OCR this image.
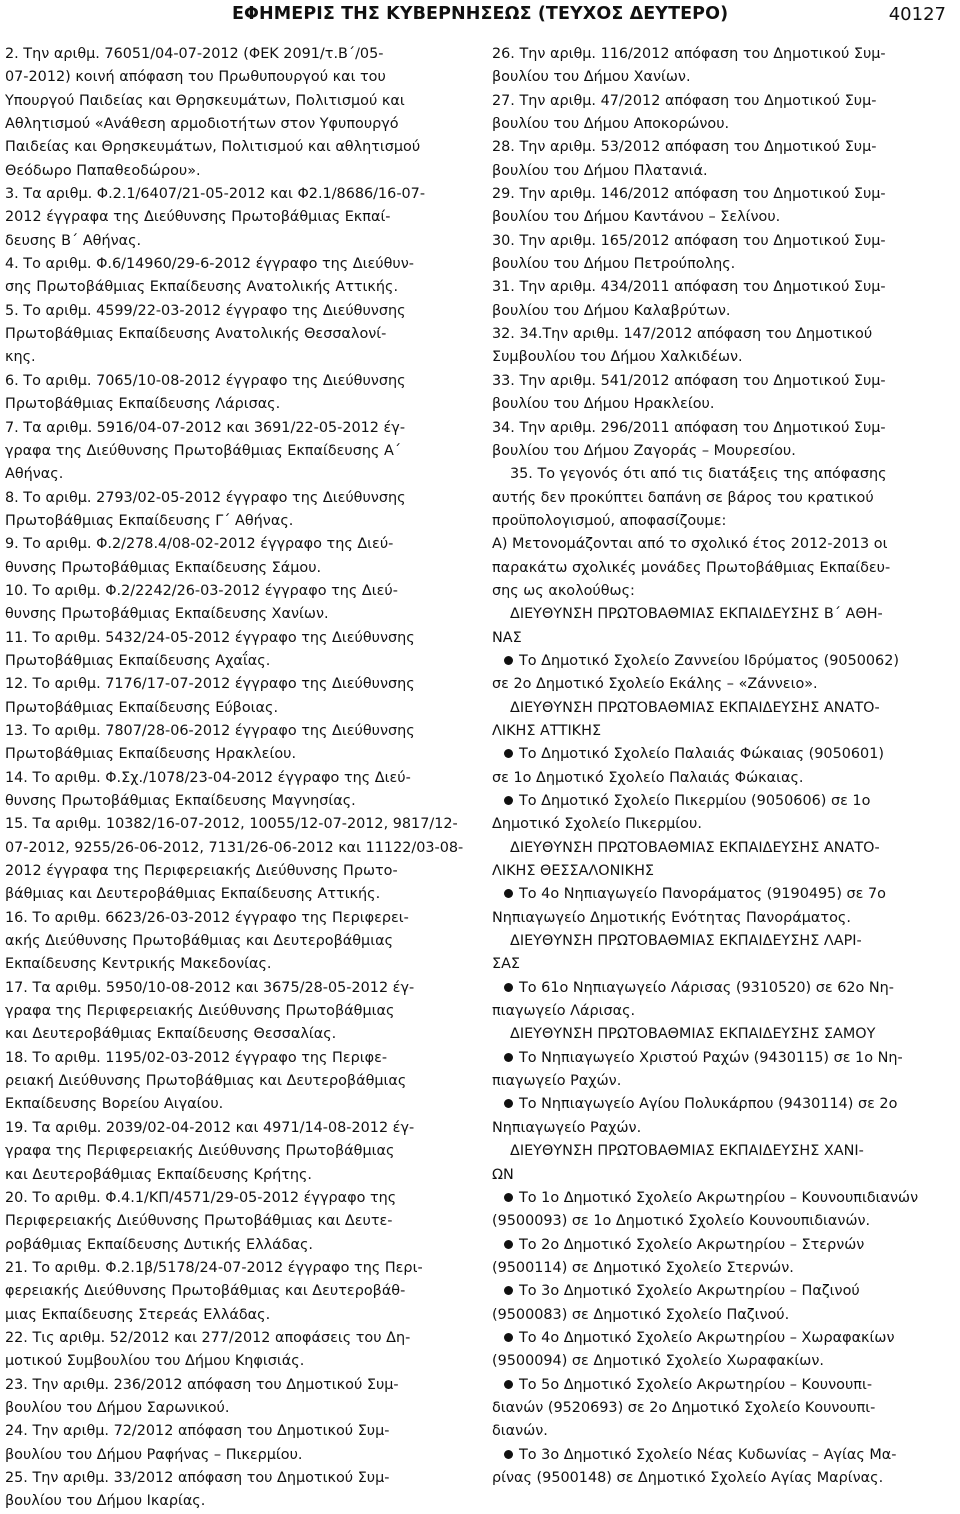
ΕΦΗΜΕΡΙΣ ΤΗΣ ΚΥΒΕΡΝΗΣΕΩΣ (ΤΕΥΧΟΣ ΔΕΥΤΕΡΟ)	40127
2. Την αριθμ. 76051/04-07-2012 (ΦΕΚ 2091/τ.Β΄/05-
07-2012) κοινή απόφαση του Πρωθυπουργού και του
Υπουργού Παιδείας και Θρησκευμάτων, Πολιτισμού και
Αθλητισμού «Ανάθεση αρμοδιοτήτων στον Υφυπουργό
Παιδείας και Θρησκευμάτων, Πολιτισμού και αθλητισμού
Θεόδωρο Παπαθεοδώρου».
3. Τα αριθμ. Φ.2.1/6407/21-05-2012 και Φ2.1/8686/16-07-
2012 έγγραφα της Διεύθυνσης Πρωτοβάθμιας Εκπαί-
δευσης Β΄ Αθήνας.
4. Το αριθμ. Φ.6/14960/29-6-2012 έγγραφο της Διεύθυν-
σης Πρωτοβάθμιας Εκπαίδευσης Ανατολικής Αττικής.
5. Το αριθμ. 4599/22-03-2012 έγγραφο της Διεύθυνσης
Πρωτοβάθμιας Εκπαίδευσης Ανατολικής Θεσσαλονί-
κης.
6. Το αριθμ. 7065/10-08-2012 έγγραφο της Διεύθυνσης
Πρωτοβάθμιας Εκπαίδευσης Λάρισας.
7. Τα αριθμ. 5916/04-07-2012 και 3691/22-05-2012 έγ-
γραφα της Διεύθυνσης Πρωτοβάθμιας Εκπαίδευσης Α΄
Αθήνας.
8. Το αριθμ. 2793/02-05-2012 έγγραφο της Διεύθυνσης
Πρωτοβάθμιας Εκπαίδευσης Γ΄ Αθήνας.
9. Το αριθμ. Φ.2/278.4/08-02-2012 έγγραφο της Διεύ-
θυνσης Πρωτοβάθμιας Εκπαίδευσης Σάμου.
10. Το αριθμ. Φ.2/2242/26-03-2012 έγγραφο της Διεύ-
θυνσης Πρωτοβάθμιας Εκπαίδευσης Χανίων.
11. Το αριθμ. 5432/24-05-2012 έγγραφο της Διεύθυνσης
Πρωτοβάθμιας Εκπαίδευσης Αχαΐας.
12. Το αριθμ. 7176/17-07-2012 έγγραφο της Διεύθυνσης
Πρωτοβάθμιας Εκπαίδευσης Εύβοιας.
13. Το αριθμ. 7807/28-06-2012 έγγραφο της Διεύθυνσης
Πρωτοβάθμιας Εκπαίδευσης Ηρακλείου.
14. Το αριθμ. Φ.Σχ./1078/23-04-2012 έγγραφο της Διεύ-
θυνσης Πρωτοβάθμιας Εκπαίδευσης Μαγνησίας.
15. Τα αριθμ. 10382/16-07-2012, 10055/12-07-2012, 9817/12-
07-2012, 9255/26-06-2012, 7131/26-06-2012 και 11122/03-08-
2012 έγγραφα της Περιφερειακής Διεύθυνσης Πρωτο-
βάθμιας και Δευτεροβάθμιας Εκπαίδευσης Αττικής.
16. Το αριθμ. 6623/26-03-2012 έγγραφο της Περιφερει-
ακής Διεύθυνσης Πρωτοβάθμιας και Δευτεροβάθμιας
Εκπαίδευσης Κεντρικής Μακεδονίας.
17. Τα αριθμ. 5950/10-08-2012 και 3675/28-05-2012 έγ-
γραφα της Περιφερειακής Διεύθυνσης Πρωτοβάθμιας
και Δευτεροβάθμιας Εκπαίδευσης Θεσσαλίας.
18. Το αριθμ. 1195/02-03-2012 έγγραφο της Περιφε-
ρειακή Διεύθυνσης Πρωτοβάθμιας και Δευτεροβάθμιας
Εκπαίδευσης Βορείου Αιγαίου.
19. Τα αριθμ. 2039/02-04-2012 και 4971/14-08-2012 έγ-
γραφα της Περιφερειακής Διεύθυνσης Πρωτοβάθμιας
και Δευτεροβάθμιας Εκπαίδευσης Κρήτης.
20. Το αριθμ. Φ.4.1/ΚΠ/4571/29-05-2012 έγγραφο της
Περιφερειακής Διεύθυνσης Πρωτοβάθμιας και Δευτε-
ροβάθμιας Εκπαίδευσης Δυτικής Ελλάδας.
21. Το αριθμ. Φ.2.1β/5178/24-07-2012 έγγραφο της Περι-
φερειακής Διεύθυνσης Πρωτοβάθμιας και Δευτεροβάθ-
μιας Εκπαίδευσης Στερεάς Ελλάδας.
22. Τις αριθμ. 52/2012 και 277/2012 αποφάσεις του Δη-
μοτικού Συμβουλίου του Δήμου Κηφισιάς.
23. Την αριθμ. 236/2012 απόφαση του Δημοτικού Συμ-
βουλίου του Δήμου Σαρωνικού.
24. Την αριθμ. 72/2012 απόφαση του Δημοτικού Συμ-
βουλίου του Δήμου Ραφήνας – Πικερμίου.
25. Την αριθμ. 33/2012 απόφαση του Δημοτικού Συμ-
βουλίου του Δήμου Ικαρίας.
26. Την αριθμ. 116/2012 απόφαση του Δημοτικού Συμ-
βουλίου του Δήμου Χανίων.
27. Την αριθμ. 47/2012 απόφαση του Δημοτικού Συμ-
βουλίου του Δήμου Αποκορώνου.
28. Την αριθμ. 53/2012 απόφαση του Δημοτικού Συμ-
βουλίου του Δήμου Πλατανιά.
29. Την αριθμ. 146/2012 απόφαση του Δημοτικού Συμ-
βουλίου του Δήμου Καντάνου – Σελίνου.
30. Την αριθμ. 165/2012 απόφαση του Δημοτικού Συμ-
βουλίου του Δήμου Πετρούπολης.
31. Την αριθμ. 434/2011 απόφαση του Δημοτικού Συμ-
βουλίου του Δήμου Καλαβρύτων.
32. 34.Την αριθμ. 147/2012 απόφαση του Δημοτικού
Συμβουλίου του Δήμου Χαλκιδέων.
33. Την αριθμ. 541/2012 απόφαση του Δημοτικού Συμ-
βουλίου του Δήμου Ηρακλείου.
34. Την αριθμ. 296/2011 απόφαση του Δημοτικού Συμ-
βουλίου του Δήμου Ζαγοράς – Μουρεσίου.
35. Το γεγονός ότι από τις διατάξεις της απόφασης
αυτής δεν προκύπτει δαπάνη σε βάρος του κρατικού
προϋπολογισμού, αποφασίζουμε:
Α) Μετονομάζονται από το σχολικό έτος 2012-2013 οι
παρακάτω σχολικές μονάδες Πρωτοβάθμιας Εκπαίδευ-
σης ως ακολούθως:
ΔΙΕΥΘΥΝΣΗ ΠΡΩΤΟΒΑΘΜΙΑΣ ΕΚΠΑΙΔΕΥΣΗΣ Β΄ ΑΘΗ-
ΝΑΣ
Το Δημοτικό Σχολείο Ζαννείου Ιδρύματος (9050062)
σε 2ο Δημοτικό Σχολείο Εκάλης – «Ζάννειο».
ΔΙΕΥΘΥΝΣΗ ΠΡΩΤΟΒΑΘΜΙΑΣ ΕΚΠΑΙΔΕΥΣΗΣ ΑΝΑΤΟ-
ΛΙΚΗΣ ΑΤΤΙΚΗΣ
Το Δημοτικό Σχολείο Παλαιάς Φώκαιας (9050601)
σε 1ο Δημοτικό Σχολείο Παλαιάς Φώκαιας.
Το Δημοτικό Σχολείο Πικερμίου (9050606) σε 1ο
Δημοτικό Σχολείο Πικερμίου.
ΔΙΕΥΘΥΝΣΗ ΠΡΩΤΟΒΑΘΜΙΑΣ ΕΚΠΑΙΔΕΥΣΗΣ ΑΝΑΤΟ-
ΛΙΚΗΣ ΘΕΣΣΑΛΟΝΙΚΗΣ
Το 4ο Νηπιαγωγείο Πανοράματος (9190495) σε 7ο
Νηπιαγωγείο Δημοτικής Ενότητας Πανοράματος.
ΔΙΕΥΘΥΝΣΗ ΠΡΩΤΟΒΑΘΜΙΑΣ ΕΚΠΑΙΔΕΥΣΗΣ ΛΑΡΙ-
ΣΑΣ
Το 61ο Νηπιαγωγείο Λάρισας (9310520) σε 62ο Νη-
πιαγωγείο Λάρισας.
ΔΙΕΥΘΥΝΣΗ ΠΡΩΤΟΒΑΘΜΙΑΣ ΕΚΠΑΙΔΕΥΣΗΣ ΣΑΜΟΥ
Το Νηπιαγωγείο Χριστού Ραχών (9430115) σε 1ο Νη-
πιαγωγείο Ραχών.
Το Νηπιαγωγείο Αγίου Πολυκάρπου (9430114) σε 2ο
Νηπιαγωγείο Ραχών.
ΔΙΕΥΘΥΝΣΗ ΠΡΩΤΟΒΑΘΜΙΑΣ ΕΚΠΑΙΔΕΥΣΗΣ ΧΑΝΙ-
ΩΝ
Το 1ο Δημοτικό Σχολείο Ακρωτηρίου – Κουνουπιδιανών
(9500093) σε 1ο Δημοτικό Σχολείο Κουνουπιδιανών.
Το 2ο Δημοτικό Σχολείο Ακρωτηρίου – Στερνών
(9500114) σε Δημοτικό Σχολείο Στερνών.
Το 3ο Δημοτικό Σχολείο Ακρωτηρίου – Παζινού
(9500083) σε Δημοτικό Σχολείο Παζινού.
Το 4ο Δημοτικό Σχολείο Ακρωτηρίου – Χωραφακίων
(9500094) σε Δημοτικό Σχολείο Χωραφακίων.
Το 5ο Δημοτικό Σχολείο Ακρωτηρίου – Κουνουπι-
διανών (9520693) σε 2ο Δημοτικό Σχολείο Κουνουπι-
διανών.
Το 3ο Δημοτικό Σχολείο Νέας Κυδωνίας – Αγίας Μα-
ρίνας (9500148) σε Δημοτικό Σχολείο Αγίας Μαρίνας.
